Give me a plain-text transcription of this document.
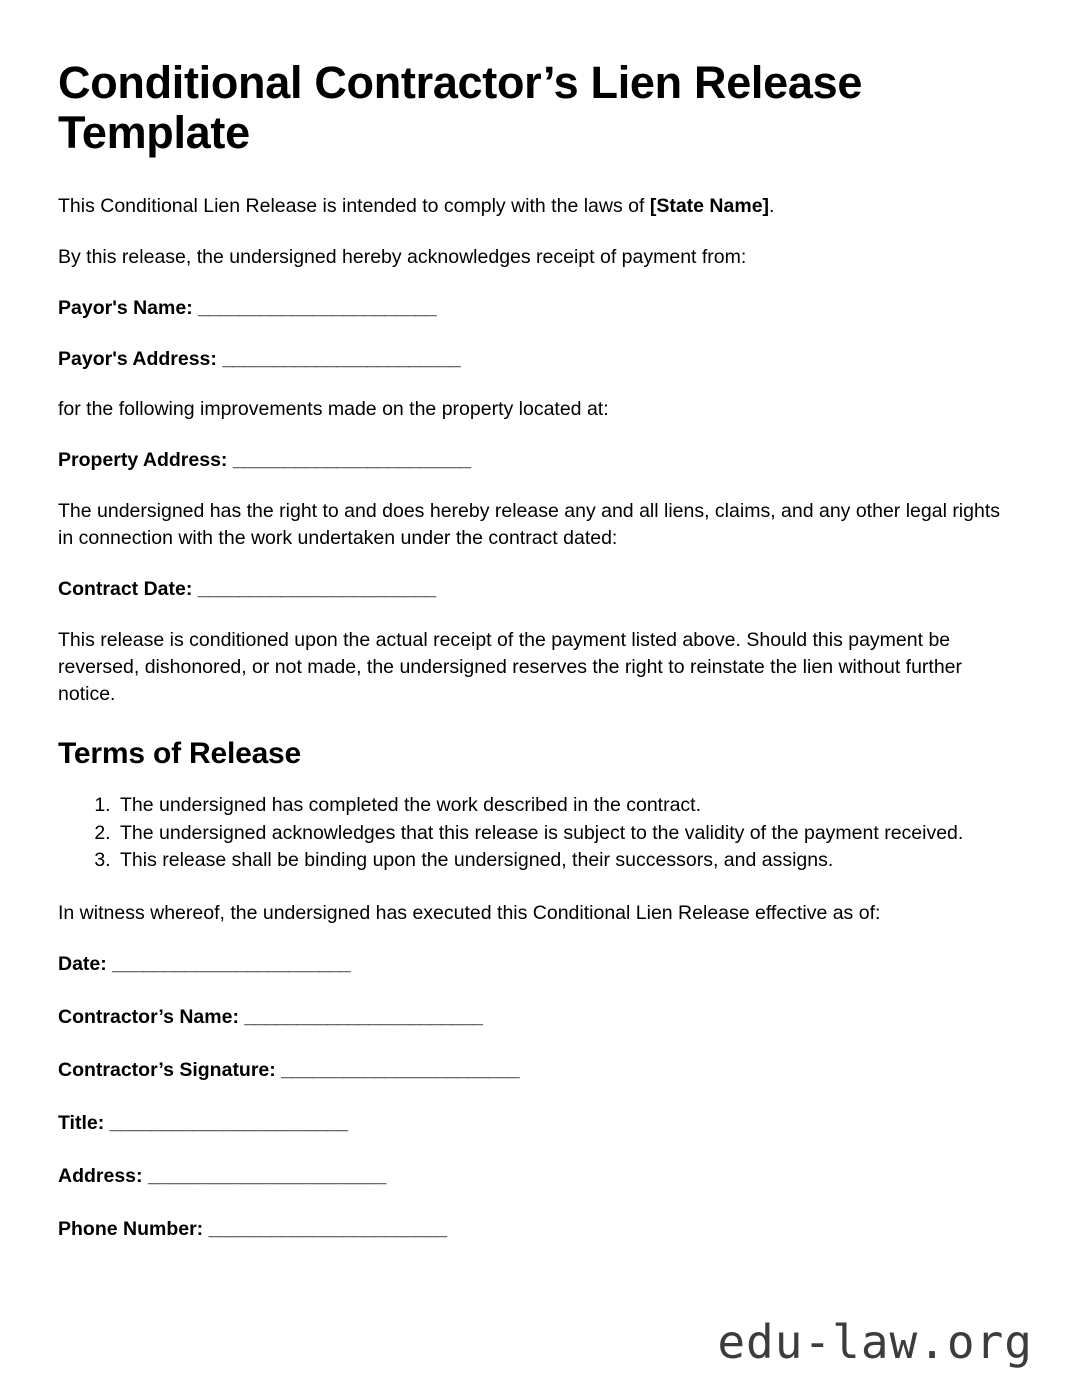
Conditional Contractor’s Lien Release Template

This Conditional Lien Release is intended to comply with the laws of [State Name].

By this release, the undersigned hereby acknowledges receipt of payment from:

Payor's Name: _______________________

Payor's Address: _______________________

for the following improvements made on the property located at:

Property Address: _______________________

The undersigned has the right to and does hereby release any and all liens, claims, and any other legal rights in connection with the work undertaken under the contract dated:

Contract Date: _______________________

This release is conditioned upon the actual receipt of the payment listed above. Should this payment be reversed, dishonored, or not made, the undersigned reserves the right to reinstate the lien without further notice.

Terms of Release
1. The undersigned has completed the work described in the contract.
2. The undersigned acknowledges that this release is subject to the validity of the payment received.
3. This release shall be binding upon the undersigned, their successors, and assigns.

In witness whereof, the undersigned has executed this Conditional Lien Release effective as of:

Date: _______________________

Contractor’s Name: _______________________

Contractor’s Signature: _______________________

Title: _______________________

Address: _______________________

Phone Number: _______________________

edu-law.org
